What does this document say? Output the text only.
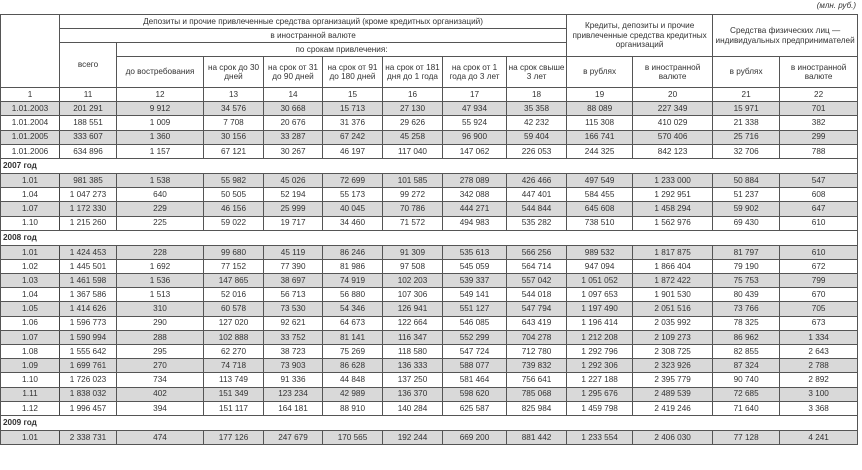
(млн. руб.)
	Депозиты и прочие привлеченные средства организаций (кроме кредитных организаций)								Кредиты, депозиты и прочие привлеченные средства кредитных организаций		Средства физических лиц — индивидуальных предпринимателей	
	в иностранной валюте											
	всего	по срокам привлечения:										
		до востребования	на срок до 30 дней	на срок от 31 до 90 дней	на срок от 91 до 180 дней	на срок от 181 дня до 1 года	на срок от 1 года до 3 лет	на срок свыше 3 лет	в рублях	в иностранной валюте	в рублях	в иностранной валюте
1	11	12	13	14	15	16	17	18	19	20	21	22
1.01.2003	201 291	9 912	34 576	30 668	15 713	27 130	47 934	35 358	88 089	227 349	15 971	701
1.01.2004	188 551	1 009	7 708	20 676	31 376	29 626	55 924	42 232	115 308	410 029	21 338	382
1.01.2005	333 607	1 360	30 156	33 287	67 242	45 258	96 900	59 404	166 741	570 406	25 716	299
1.01.2006	634 896	1 157	67 121	30 267	46 197	117 040	147 062	226 053	244 325	842 123	32 706	788
2007 год												
1.01	981 385	1 538	55 982	45 026	72 699	101 585	278 089	426 466	497 549	1 233 000	50 884	547
1.04	1 047 273	640	50 505	52 194	55 173	99 272	342 088	447 401	584 455	1 292 951	51 237	608
1.07	1 172 330	229	46 156	25 999	40 045	70 786	444 271	544 844	645 608	1 458 294	59 902	647
1.10	1 215 260	225	59 022	19 717	34 460	71 572	494 983	535 282	738 510	1 562 976	69 430	610
2008 год												
1.01	1 424 453	228	99 680	45 119	86 246	91 309	535 613	566 256	989 532	1 817 875	81 797	610
1.02	1 445 501	1 692	77 152	77 390	81 986	97 508	545 059	564 714	947 094	1 866 404	79 190	672
1.03	1 461 598	1 536	147 865	38 697	74 919	102 203	539 337	557 042	1 051 052	1 872 422	75 753	799
1.04	1 367 586	1 513	52 016	56 713	56 880	107 306	549 141	544 018	1 097 653	1 901 530	80 439	670
1.05	1 414 626	310	60 578	73 530	54 346	126 941	551 127	547 794	1 197 490	2 051 516	73 766	705
1.06	1 596 773	290	127 020	92 621	64 673	122 664	546 085	643 419	1 196 414	2 035 992	78 325	673
1.07	1 590 994	288	102 888	33 752	81 141	116 347	552 299	704 278	1 212 208	2 109 273	86 962	1 334
1.08	1 555 642	295	62 270	38 723	75 269	118 580	547 724	712 780	1 292 796	2 308 725	82 855	2 643
1.09	1 699 761	270	74 718	73 903	86 628	136 333	588 077	739 832	1 292 306	2 323 926	87 324	2 788
1.10	1 726 023	734	113 749	91 336	44 848	137 250	581 464	756 641	1 227 188	2 395 779	90 740	2 892
1.11	1 838 032	402	151 349	123 234	42 989	136 370	598 620	785 068	1 295 676	2 489 539	72 685	3 100
1.12	1 996 457	394	151 117	164 181	88 910	140 284	625 587	825 984	1 459 798	2 419 246	71 640	3 368
2009 год												
1.01	2 338 731	474	177 126	247 679	170 565	192 244	669 200	881 442	1 233 554	2 406 030	77 128	4 241
